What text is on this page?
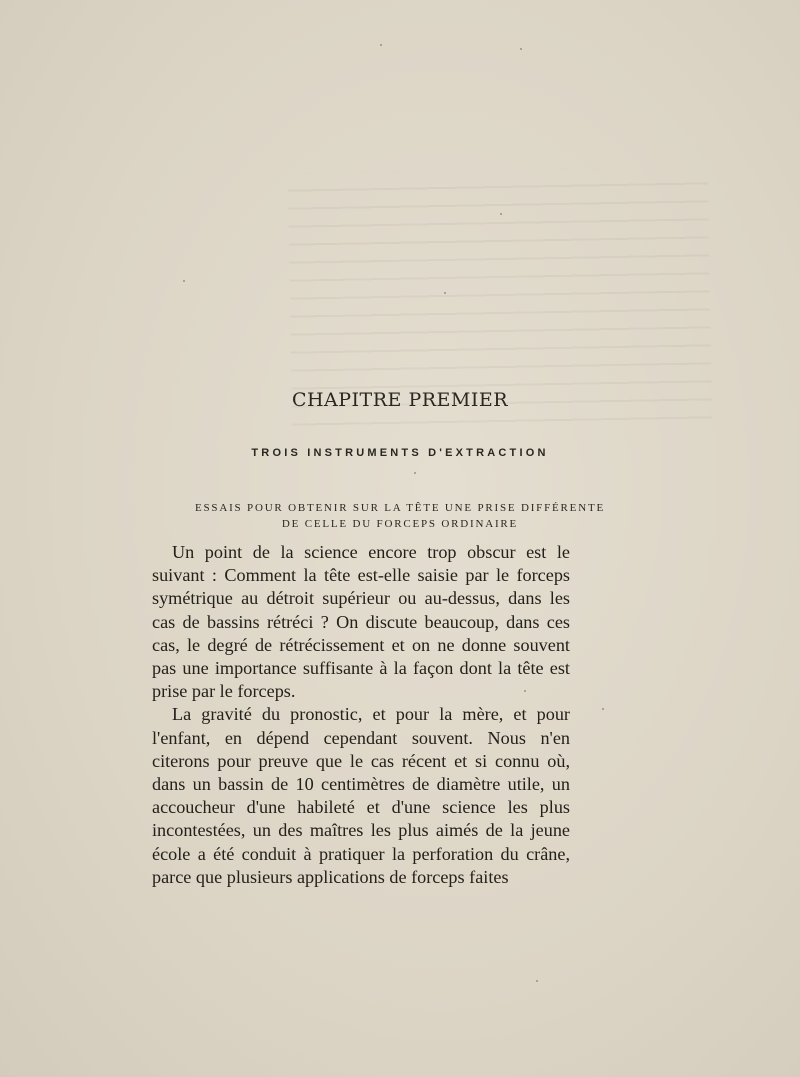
CHAPITRE PREMIER
TROIS INSTRUMENTS D'EXTRACTION
ESSAIS POUR OBTENIR SUR LA TÊTE UNE PRISE DIFFÉRENTE
DE CELLE DU FORCEPS ORDINAIRE

Un point de la science encore trop obscur est le suivant : Comment la tête est-elle saisie par le forceps symétrique au détroit supérieur ou au-dessus, dans les cas de bassins rétréci ? On discute beaucoup, dans ces cas, le degré de rétrécissement et on ne donne souvent pas une importance suffisante à la façon dont la tête est prise par le forceps.

La gravité du pronostic, et pour la mère, et pour l'enfant, en dépend cependant souvent. Nous n'en citerons pour preuve que le cas récent et si connu où, dans un bassin de 10 centimètres de diamètre utile, un accoucheur d'une habileté et d'une science les plus incontestées, un des maîtres les plus aimés de la jeune école a été conduit à pratiquer la perforation du crâne, parce que plusieurs applications de forceps faites
